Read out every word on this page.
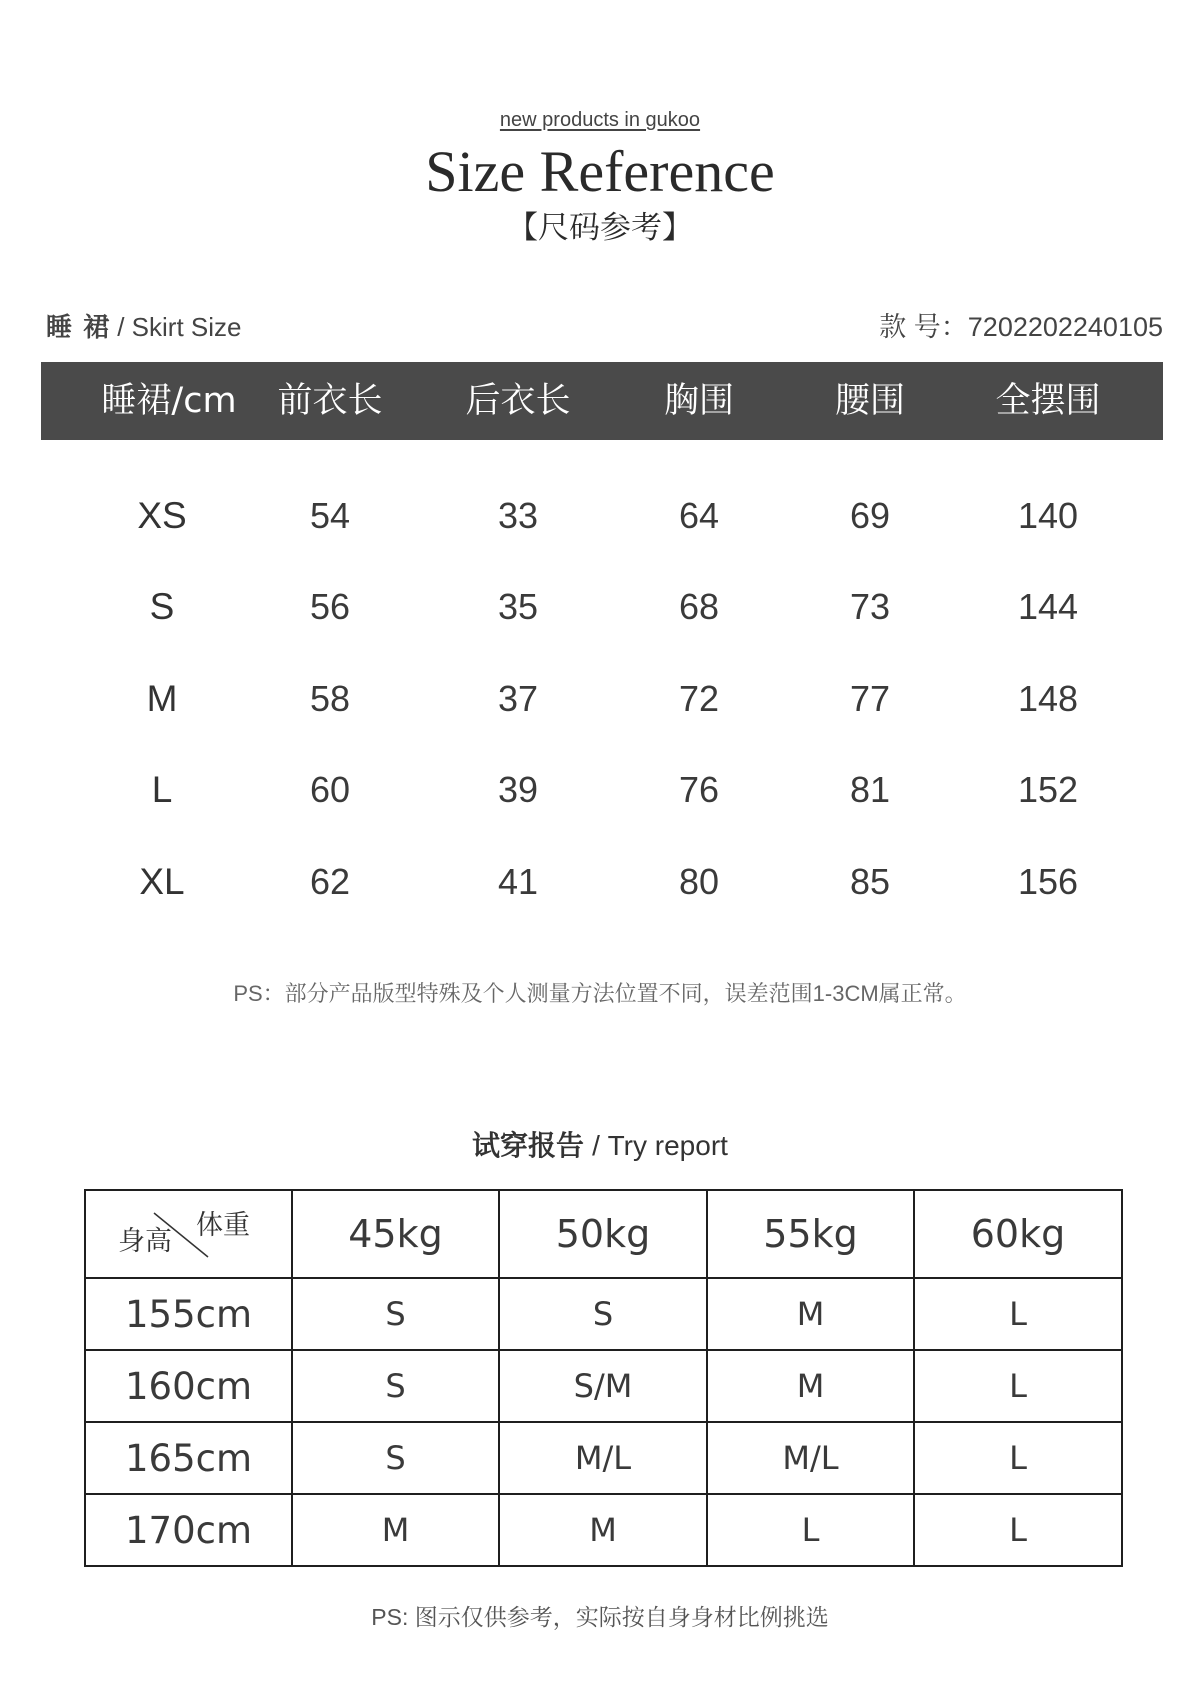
new products in gukoo
Size Reference
【尺码参考】
睡 裙 / Skirt Size	款 号：7202202240105
睡裙/cm	前衣长	后衣长	胸围	腰围	全摆围
XS	54	33	64	69	140
S	56	35	68	73	144
M	58	37	72	77	148
L	60	39	76	81	152
XL	62	41	80	85	156
PS：部分产品版型特殊及个人测量方法位置不同，误差范围1-3CM属正常。
试穿报告 / Try report
身高
体重	45kg	50kg	55kg	60kg
155cm	S	S	M	L
160cm	S	S/M	M	L
165cm	S	M/L	M/L	L
170cm	M	M	L	L
PS: 图示仅供参考，实际按自身身材比例挑选
